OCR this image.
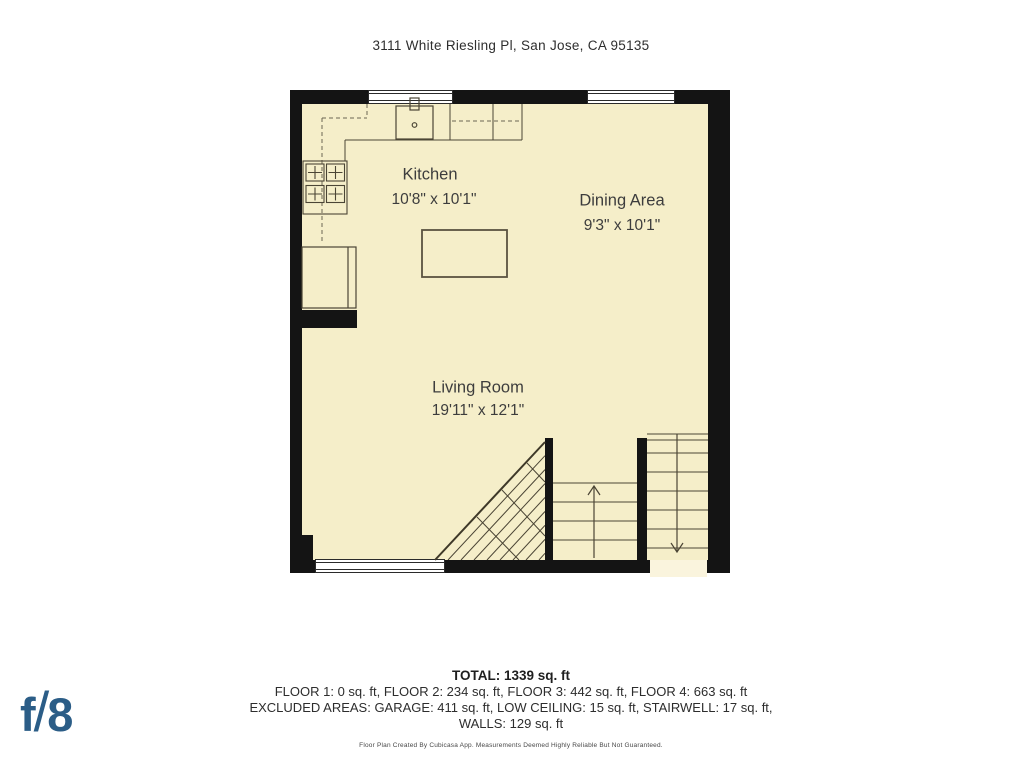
3111 White Riesling Pl, San Jose, CA 95135
Kitchen
10'8" x 10'1"	Dining Area
9'3" x 10'1"
Living Room
19'11" x 12'1"
TOTAL: 1339 sq. ft
FLOOR 1: 0 sq. ft, FLOOR 2: 234 sq. ft, FLOOR 3: 442 sq. ft, FLOOR 4: 663 sq. ft
EXCLUDED AREAS: GARAGE: 411 sq. ft, LOW CEILING: 15 sq. ft, STAIRWELL: 17 sq. ft,
WALLS: 129 sq. ft
Floor Plan Created By Cubicasa App. Measurements Deemed Highly Reliable But Not Guaranteed.
f
/
8
